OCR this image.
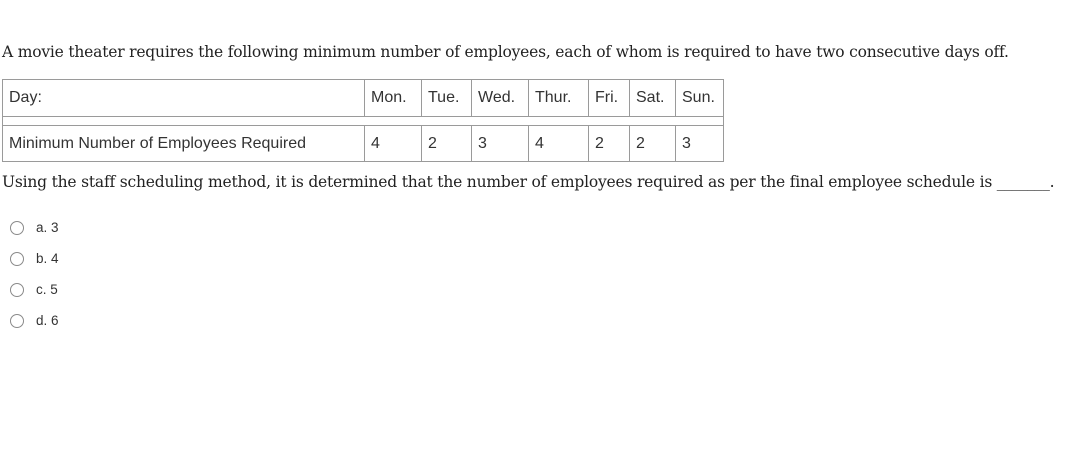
A movie theater requires the following minimum number of employees, each of whom is required to have two consecutive days off.
Day:	Mon.	Tue.	Wed.	Thur.	Fri.	Sat.	Sun.

Minimum Number of Employees Required	4	2	3	4	2	2	3
Using the staff scheduling method, it is determined that the number of employees required as per the final employee schedule is _______.
a. 3
b. 4
c. 5
d. 6
